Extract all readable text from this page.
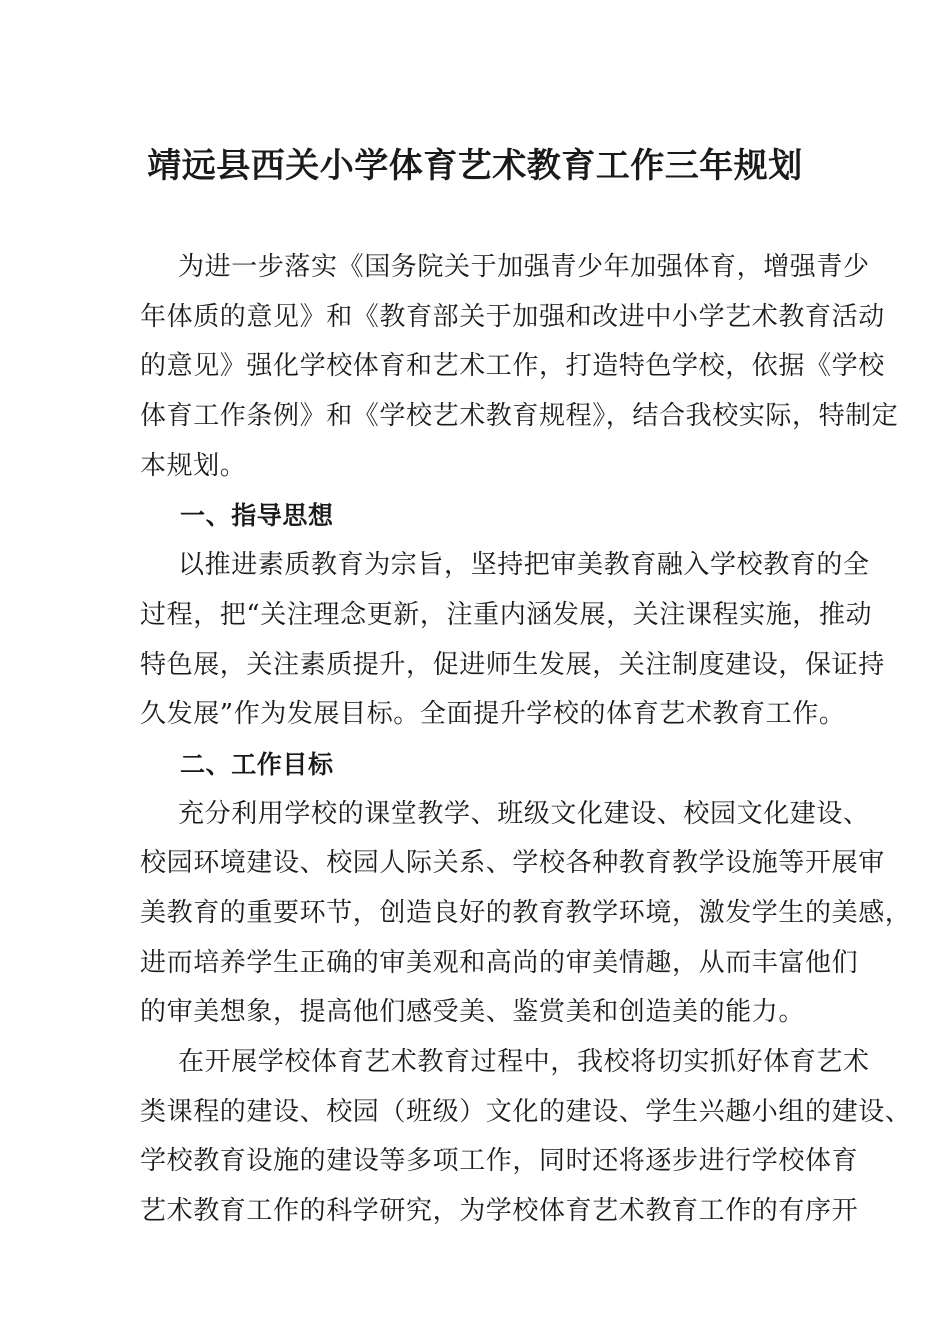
靖远县西关小学体育艺术教育工作三年规划
为进一步落实《国务院关于加强青少年加强体育，增强青少
年体质的意见》和《教育部关于加强和改进中小学艺术教育活动
的意见》强化学校体育和艺术工作，打造特色学校，依据《学校
体育工作条例》和《学校艺术教育规程》，结合我校实际，特制定
本规划。
一、指导思想
以推进素质教育为宗旨，坚持把审美教育融入学校教育的全
过程，把“关注理念更新，注重内涵发展，关注课程实施，推动
特色展，关注素质提升，促进师生发展，关注制度建设，保证持
久发展”作为发展目标。全面提升学校的体育艺术教育工作。
二、工作目标
充分利用学校的课堂教学、班级文化建设、校园文化建设、
校园环境建设、校园人际关系、学校各种教育教学设施等开展审
美教育的重要环节，创造良好的教育教学环境，激发学生的美感，
进而培养学生正确的审美观和高尚的审美情趣，从而丰富他们
的审美想象，提高他们感受美、鉴赏美和创造美的能力。
在开展学校体育艺术教育过程中，我校将切实抓好体育艺术
类课程的建设、校园（班级）文化的建设、学生兴趣小组的建设、
学校教育设施的建设等多项工作，同时还将逐步进行学校体育
艺术教育工作的科学研究，为学校体育艺术教育工作的有序开
